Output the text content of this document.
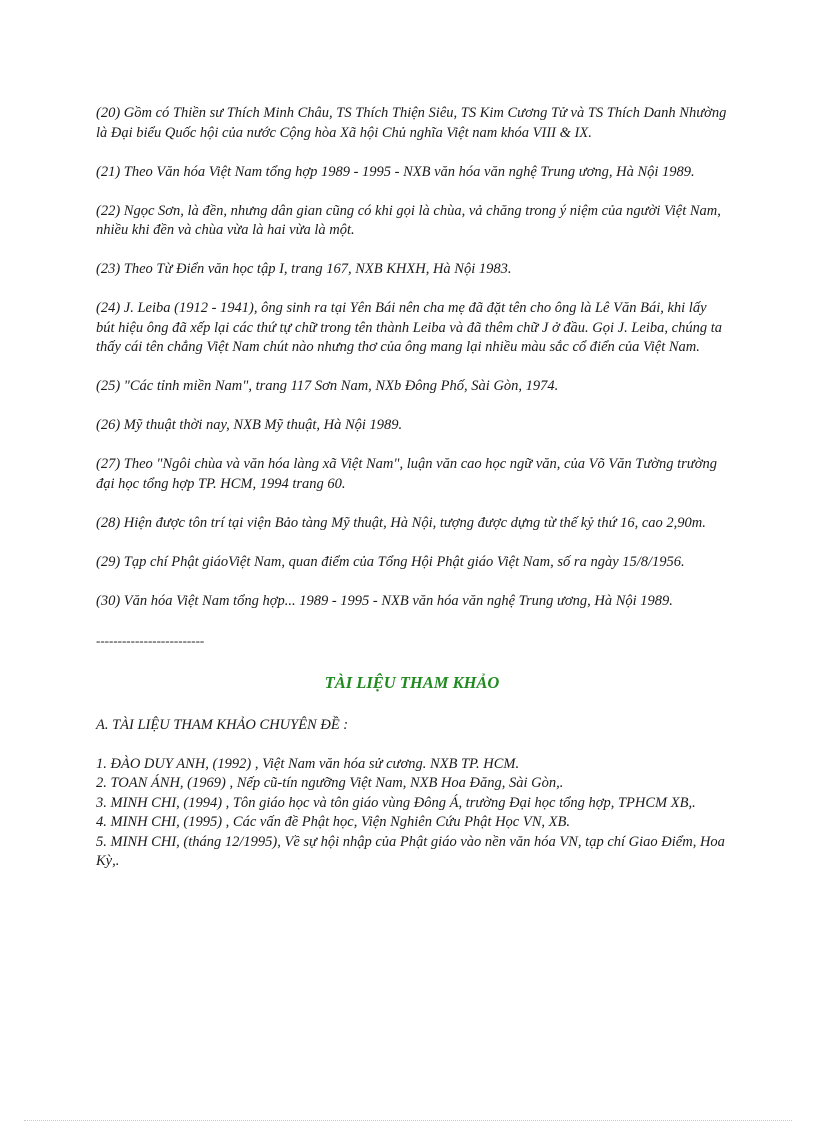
(20) Gồm có Thiền sư Thích Minh Châu, TS Thích Thiện Siêu, TS Kim Cương Tử và TS Thích Danh Nhường là Đại biểu Quốc hội của nước Cộng hòa Xã hội Chủ nghĩa Việt nam khóa VIII & IX.

(21) Theo Văn hóa Việt Nam tổng hợp 1989 - 1995 - NXB văn hóa văn nghệ Trung ương, Hà Nội 1989.

(22) Ngọc Sơn, là đền, nhưng dân gian cũng có khi gọi là chùa, vả chăng trong ý niệm của người Việt Nam, nhiều khi đền và chùa vừa là hai vừa là một.

(23) Theo Từ Điển văn học tập I, trang 167, NXB KHXH, Hà Nội 1983.

(24) J. Leiba (1912 - 1941), ông sinh ra tại Yên Bái nên cha mẹ đã đặt tên cho ông là Lê Văn Bái, khi lấy bút hiệu ông đã xếp lại các thứ tự chữ trong tên thành Leiba và đã thêm chữ J ở đầu. Gọi J. Leiba, chúng ta thấy cái tên chẳng Việt Nam chút nào nhưng thơ của ông mang lại nhiều màu sắc cổ điển của Việt Nam.

(25) "Các tỉnh miền Nam", trang 117 Sơn Nam, NXb Đông Phố, Sài Gòn, 1974.

(26) Mỹ thuật thời nay, NXB Mỹ thuật, Hà Nội 1989.

(27) Theo "Ngôi chùa và văn hóa làng xã Việt Nam", luận văn cao học ngữ văn, của Võ Văn Tường trường đại học tổng hợp TP. HCM, 1994 trang 60.

(28) Hiện được tôn trí tại viện Bảo tàng Mỹ thuật, Hà Nội, tượng được dựng từ thế kỷ thứ 16, cao 2,90m.

(29) Tạp chí Phật giáoViệt Nam, quan điểm của Tổng Hội Phật giáo Việt Nam, số ra ngày 15/8/1956.

(30) Văn hóa Việt Nam tổng hợp... 1989 - 1995 - NXB văn hóa văn nghệ Trung ương, Hà Nội 1989.

-------------------------

TÀI LIỆU THAM KHẢO

A. TÀI LIỆU THAM KHẢO CHUYÊN ĐỀ :

1. ĐÀO DUY ANH, (1992) , Việt Nam văn hóa sử cương. NXB TP. HCM.
2. TOAN ÁNH, (1969) , Nếp cũ-tín ngưỡng Việt Nam, NXB Hoa Đăng, Sài Gòn,.
3. MINH CHI, (1994) , Tôn giáo học và tôn giáo vùng Đông Á, trường Đại học tổng hợp, TPHCM XB,.
4. MINH CHI, (1995) , Các vấn đề Phật học, Viện Nghiên Cứu Phật Học VN, XB.
5. MINH CHI, (tháng 12/1995), Về sự hội nhập của Phật giáo vào nền văn hóa VN, tạp chí Giao Điểm, Hoa Kỳ,.
